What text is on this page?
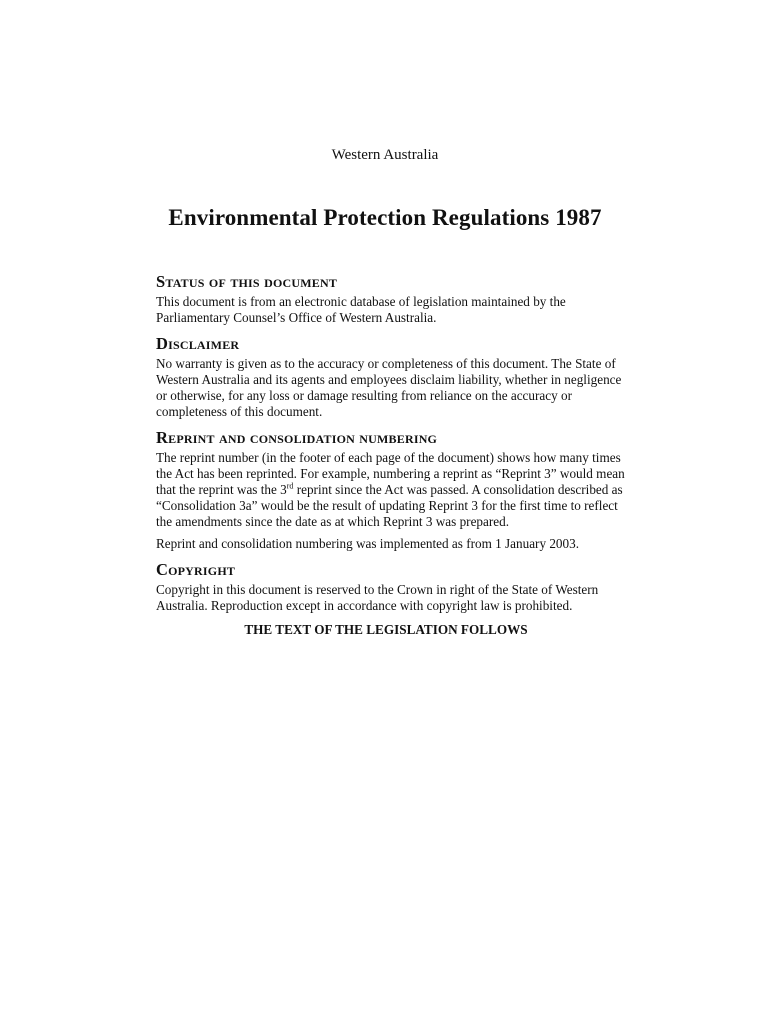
Western Australia
Environmental Protection Regulations 1987
Status of this document

This document is from an electronic database of legislation maintained by the Parliamentary Counsel’s Office of Western Australia.

Disclaimer

No warranty is given as to the accuracy or completeness of this document. The State of Western Australia and its agents and employees disclaim liability, whether in negligence or otherwise, for any loss or damage resulting from reliance on the accuracy or completeness of this document.

Reprint and consolidation numbering

The reprint number (in the footer of each page of the document) shows how many times the Act has been reprinted. For example, numbering a reprint as “Reprint 3” would mean that the reprint was the 3rd reprint since the Act was passed. A consolidation described as “Consolidation 3a” would be the result of updating Reprint 3 for the first time to reflect the amendments since the date as at which Reprint 3 was prepared.

Reprint and consolidation numbering was implemented as from 1 January 2003.

Copyright

Copyright in this document is reserved to the Crown in right of the State of Western Australia. Reproduction except in accordance with copyright law is prohibited.

THE TEXT OF THE LEGISLATION FOLLOWS
